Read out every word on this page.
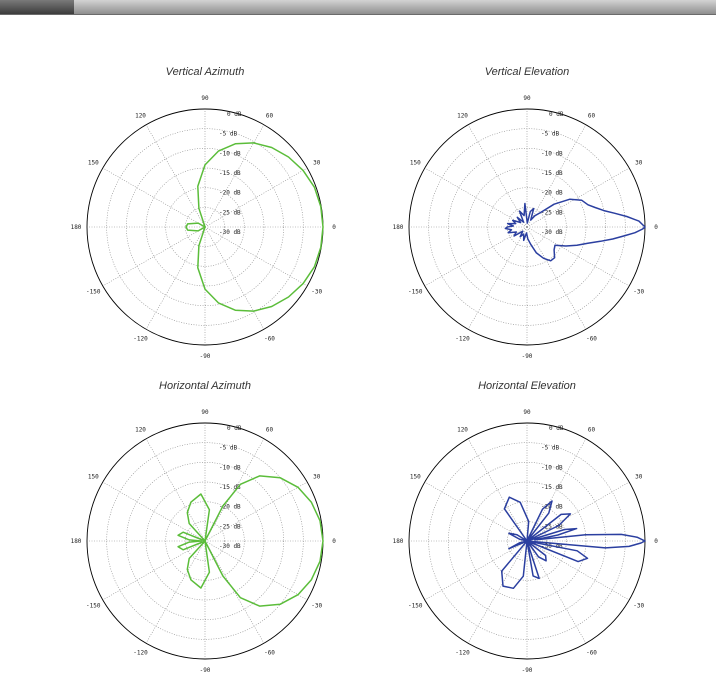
Vertical Azimuth
0
30
60
90
120
150
180
-150
-120
-90
-60
-30
0 dB
-5 dB
-10 dB
-15 dB
-20 dB
-25 dB
-30 dB
Vertical Elevation
0
30
60
90
120
150
180
-150
-120
-90
-60
-30
0 dB
-5 dB
-10 dB
-15 dB
-20 dB
-25 dB
-30 dB
Horizontal Azimuth
0
30
60
90
120
150
180
-150
-120
-90
-60
-30
0 dB
-5 dB
-10 dB
-15 dB
-20 dB
-25 dB
-30 dB
Horizontal Elevation
0
30
60
90
120
150
180
-150
-120
-90
-60
-30
0 dB
-5 dB
-10 dB
-15 dB
-20 dB
-25 dB
-30 dB
